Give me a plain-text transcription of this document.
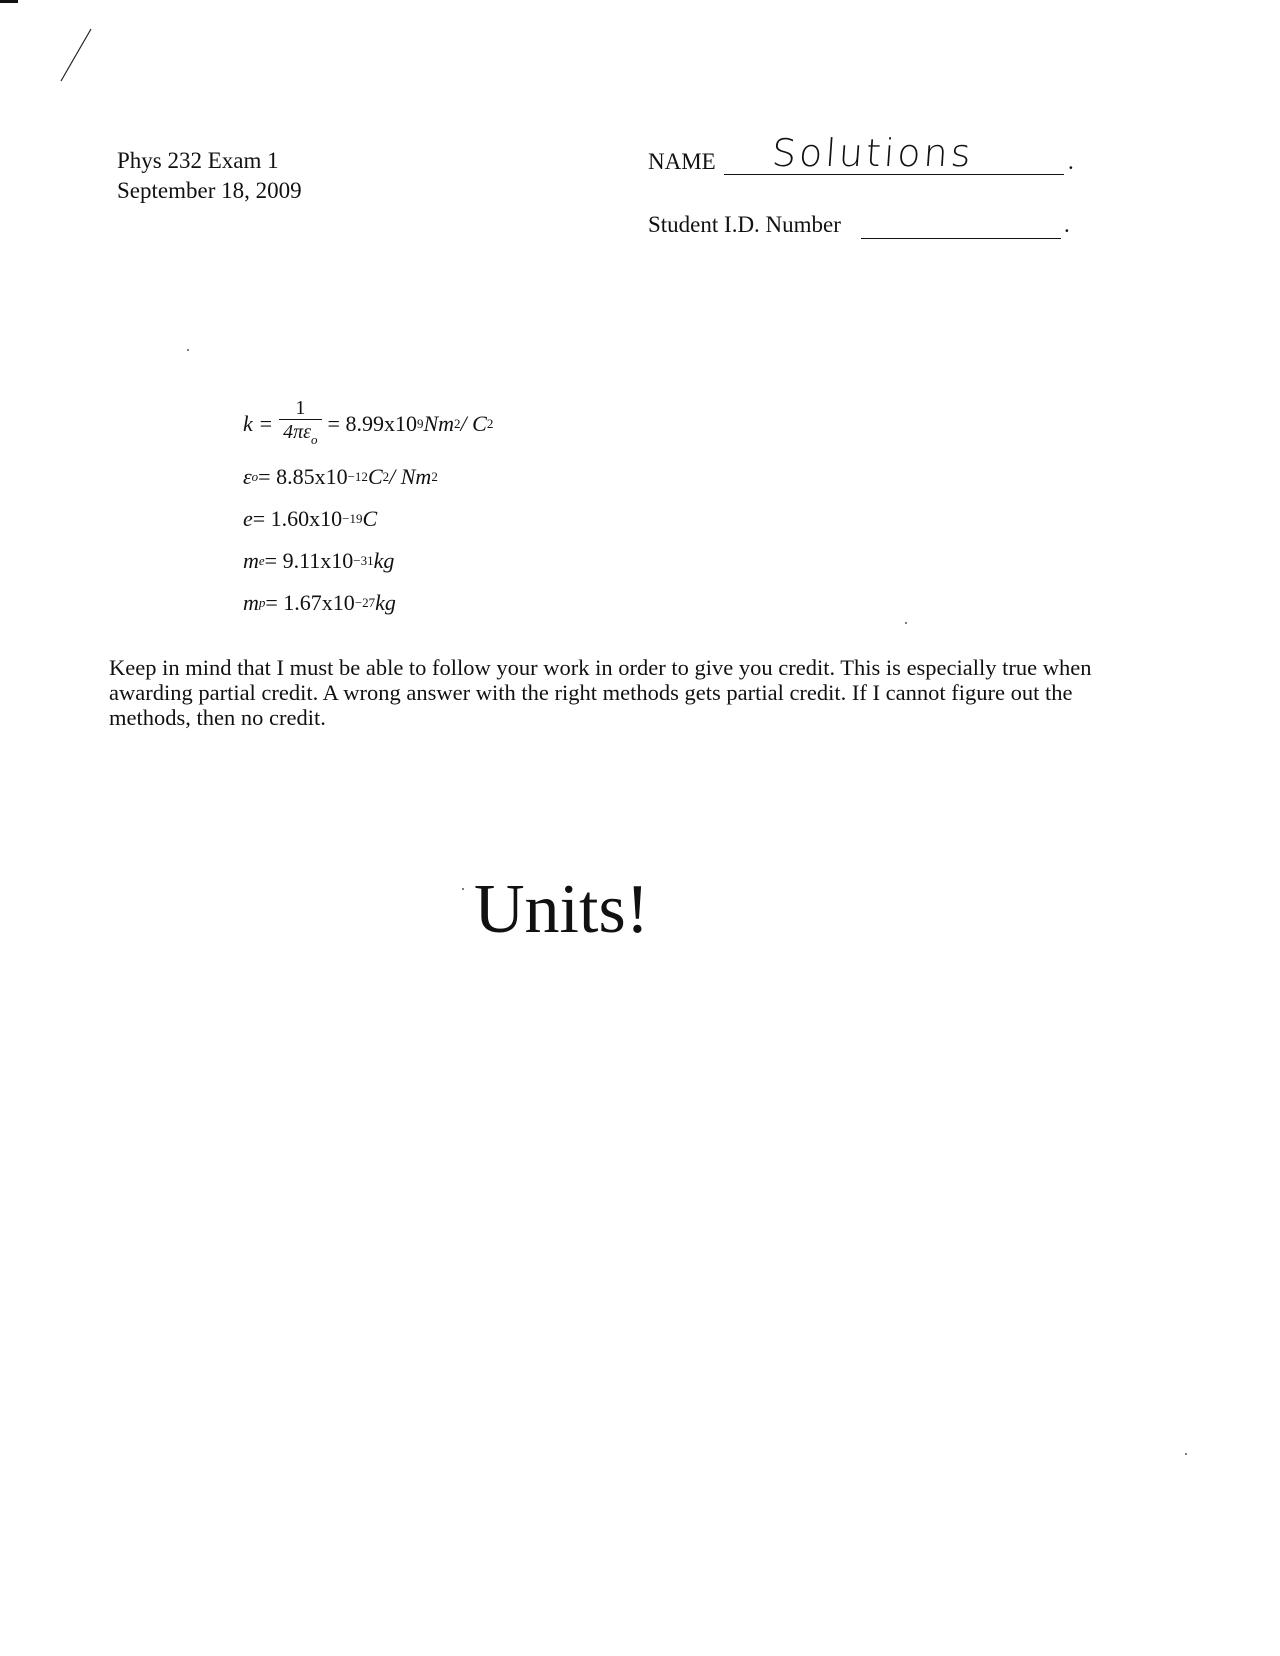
Phys 232 Exam 1
September 18, 2009
NAME Solutions	.
Student I.D. Number	.
$k = \frac{1}{4\pi\varepsilon_o} = 8.99x10$ 9 Nm 2 / C 2
ε o = 8.85x10 −12 C 2 / Nm 2
e = 1.60x10 −19 C
m e = 9.11x10 −31 kg
m p = 1.67x10 −27 kg
Keep in mind that I must be able to follow your work in order to give you credit. This is especially true when awarding partial credit. A wrong answer with the right methods gets partial credit. If I cannot figure out the methods, then no credit.
Units!
